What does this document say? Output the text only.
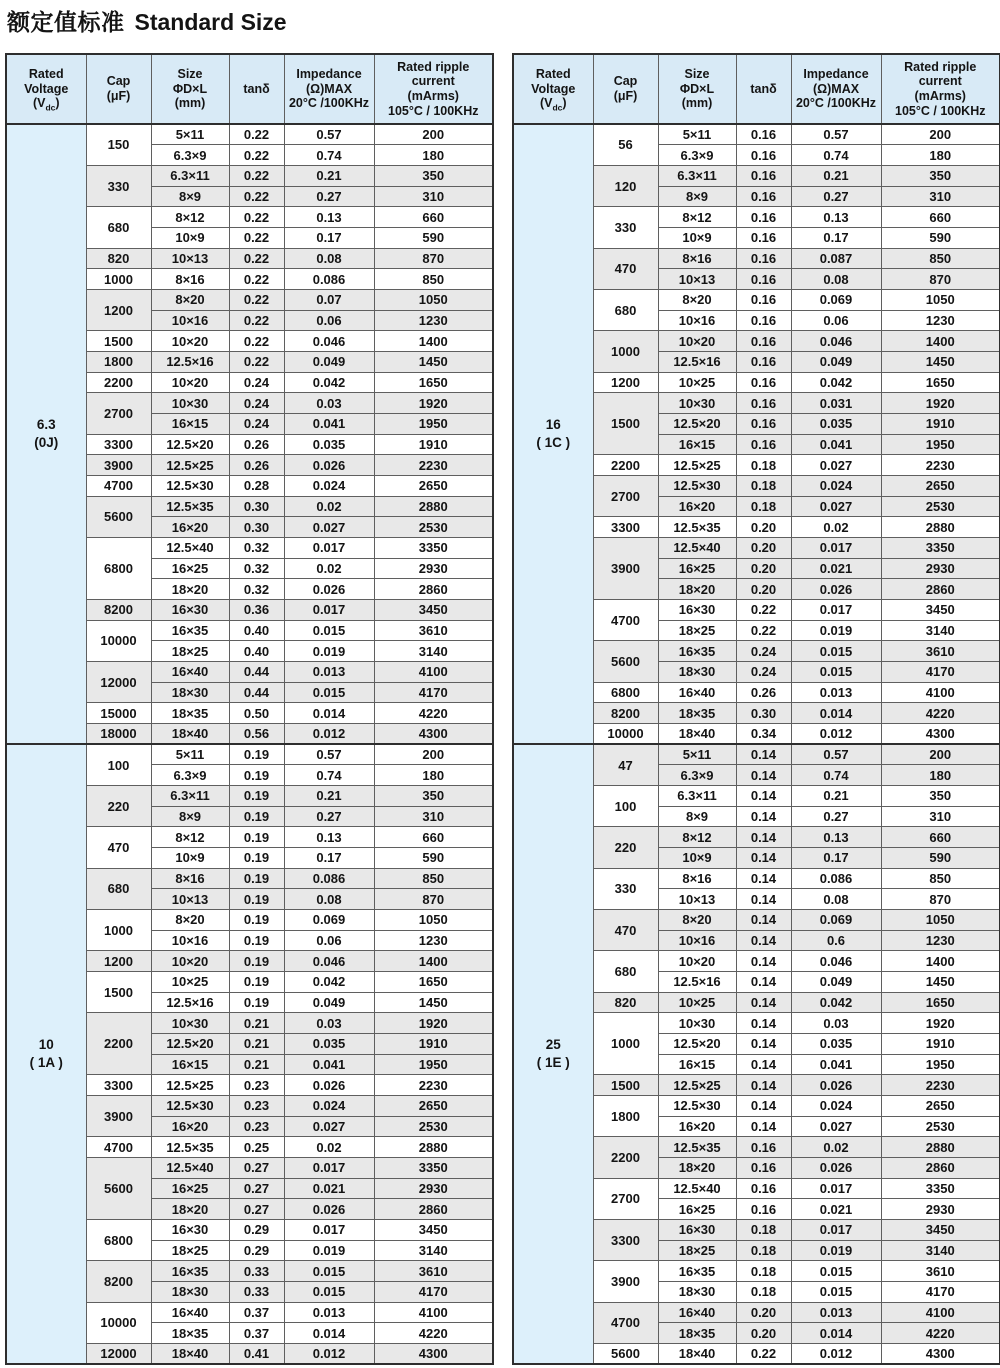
额定值标准 Standard Size
Rated
Voltage
$(V_{dc})$	Cap
(μF)	Size
ΦD×L
(mm)	tanδ	Impedance
(Ω)MAX
20°C /100KHz	Rated ripple
current
(mArms)
105°C / 100KHz

6.3
(0J)	150	5×11	0.22	0.57	200
		6.3×9	0.22	0.74	180
	330	6.3×11	0.22	0.21	350
		8×9	0.22	0.27	310
	680	8×12	0.22	0.13	660
		10×9	0.22	0.17	590
	820	10×13	0.22	0.08	870
	1000	8×16	0.22	0.086	850
	1200	8×20	0.22	0.07	1050
		10×16	0.22	0.06	1230
	1500	10×20	0.22	0.046	1400
	1800	12.5×16	0.22	0.049	1450
	2200	10×20	0.24	0.042	1650
	2700	10×30	0.24	0.03	1920
		16×15	0.24	0.041	1950
	3300	12.5×20	0.26	0.035	1910
	3900	12.5×25	0.26	0.026	2230
	4700	12.5×30	0.28	0.024	2650
	5600	12.5×35	0.30	0.02	2880
		16×20	0.30	0.027	2530
	6800	12.5×40	0.32	0.017	3350
		16×25	0.32	0.02	2930
		18×20	0.32	0.026	2860
	8200	16×30	0.36	0.017	3450
	10000	16×35	0.40	0.015	3610
		18×25	0.40	0.019	3140
	12000	16×40	0.44	0.013	4100
		18×30	0.44	0.015	4170
	15000	18×35	0.50	0.014	4220
	18000	18×40	0.56	0.012	4300

10
( 1A )	100	5×11	0.19	0.57	200
		6.3×9	0.19	0.74	180
	220	6.3×11	0.19	0.21	350
		8×9	0.19	0.27	310
	470	8×12	0.19	0.13	660
		10×9	0.19	0.17	590
	680	8×16	0.19	0.086	850
		10×13	0.19	0.08	870
	1000	8×20	0.19	0.069	1050
		10×16	0.19	0.06	1230
	1200	10×20	0.19	0.046	1400
	1500	10×25	0.19	0.042	1650
		12.5×16	0.19	0.049	1450
	2200	10×30	0.21	0.03	1920
		12.5×20	0.21	0.035	1910
		16×15	0.21	0.041	1950
	3300	12.5×25	0.23	0.026	2230
	3900	12.5×30	0.23	0.024	2650
		16×20	0.23	0.027	2530
	4700	12.5×35	0.25	0.02	2880
	5600	12.5×40	0.27	0.017	3350
		16×25	0.27	0.021	2930
		18×20	0.27	0.026	2860
	6800	16×30	0.29	0.017	3450
		18×25	0.29	0.019	3140
	8200	16×35	0.33	0.015	3610
		18×30	0.33	0.015	4170
	10000	16×40	0.37	0.013	4100
		18×35	0.37	0.014	4220
	12000	18×40	0.41	0.012	4300
Rated
Voltage
$(V_{dc})$	Cap
(μF)	Size
ΦD×L
(mm)	tanδ	Impedance
(Ω)MAX
20°C /100KHz	Rated ripple
current
(mArms)
105°C / 100KHz

16
( 1C )	56	5×11	0.16	0.57	200
		6.3×9	0.16	0.74	180
	120	6.3×11	0.16	0.21	350
		8×9	0.16	0.27	310
	330	8×12	0.16	0.13	660
		10×9	0.16	0.17	590
	470	8×16	0.16	0.087	850
		10×13	0.16	0.08	870
	680	8×20	0.16	0.069	1050
		10×16	0.16	0.06	1230
	1000	10×20	0.16	0.046	1400
		12.5×16	0.16	0.049	1450
	1200	10×25	0.16	0.042	1650
	1500	10×30	0.16	0.031	1920
		12.5×20	0.16	0.035	1910
		16×15	0.16	0.041	1950
	2200	12.5×25	0.18	0.027	2230
	2700	12.5×30	0.18	0.024	2650
		16×20	0.18	0.027	2530
	3300	12.5×35	0.20	0.02	2880
	3900	12.5×40	0.20	0.017	3350
		16×25	0.20	0.021	2930
		18×20	0.20	0.026	2860
	4700	16×30	0.22	0.017	3450
		18×25	0.22	0.019	3140
	5600	16×35	0.24	0.015	3610
		18×30	0.24	0.015	4170
	6800	16×40	0.26	0.013	4100
	8200	18×35	0.30	0.014	4220
	10000	18×40	0.34	0.012	4300

25
( 1E )	47	5×11	0.14	0.57	200
		6.3×9	0.14	0.74	180
	100	6.3×11	0.14	0.21	350
		8×9	0.14	0.27	310
	220	8×12	0.14	0.13	660
		10×9	0.14	0.17	590
	330	8×16	0.14	0.086	850
		10×13	0.14	0.08	870
	470	8×20	0.14	0.069	1050
		10×16	0.14	0.6	1230
	680	10×20	0.14	0.046	1400
		12.5×16	0.14	0.049	1450
	820	10×25	0.14	0.042	1650
	1000	10×30	0.14	0.03	1920
		12.5×20	0.14	0.035	1910
		16×15	0.14	0.041	1950
	1500	12.5×25	0.14	0.026	2230
	1800	12.5×30	0.14	0.024	2650
		16×20	0.14	0.027	2530
	2200	12.5×35	0.16	0.02	2880
		18×20	0.16	0.026	2860
	2700	12.5×40	0.16	0.017	3350
		16×25	0.16	0.021	2930
	3300	16×30	0.18	0.017	3450
		18×25	0.18	0.019	3140
	3900	16×35	0.18	0.015	3610
		18×30	0.18	0.015	4170
	4700	16×40	0.20	0.013	4100
		18×35	0.20	0.014	4220
	5600	18×40	0.22	0.012	4300
